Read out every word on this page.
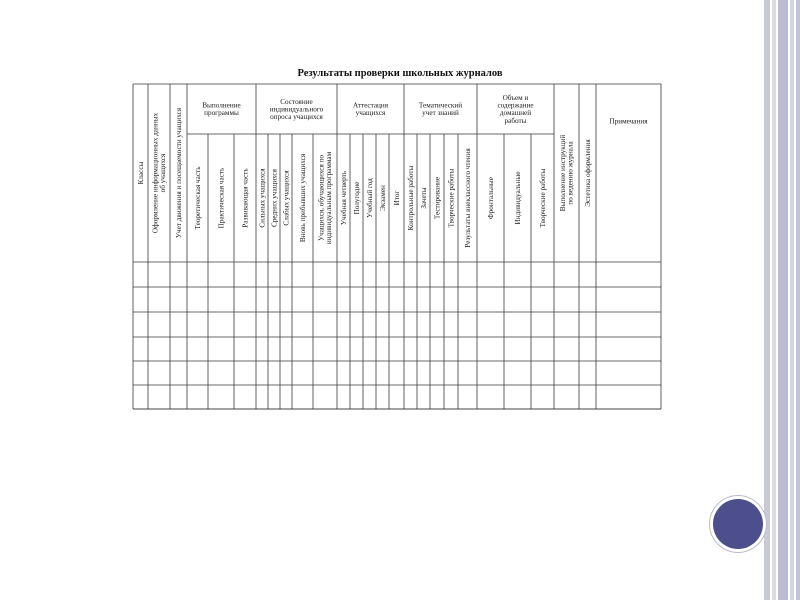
Результаты проверки школьных журналов
Выполнение программы
Состояние индивидуального опроса учащихся
Аттестация учащихся
Тематический учет знаний
Объем и содержание домашней работы
Классы Оформление информационных данныхоб учащихся Учет движения и посещаемости учащихся Теоретическая часть Практическая часть Развивающая часть Сильных учащихся Средних учащихся Слабых учащихся Вновь прибывших учащихся Учащихся, обучающихся поиндивидуальным программам Учебная четверть Полугодие Учебный год Экзамен Итог Контрольные работы Зачеты Тестирование Творческие работы Результаты внеклассного чтения Фронтальные	Индивидуальные Творческие работы Выполнение инструкцийпо ведению журнала Эстетика оформления
Примечания
